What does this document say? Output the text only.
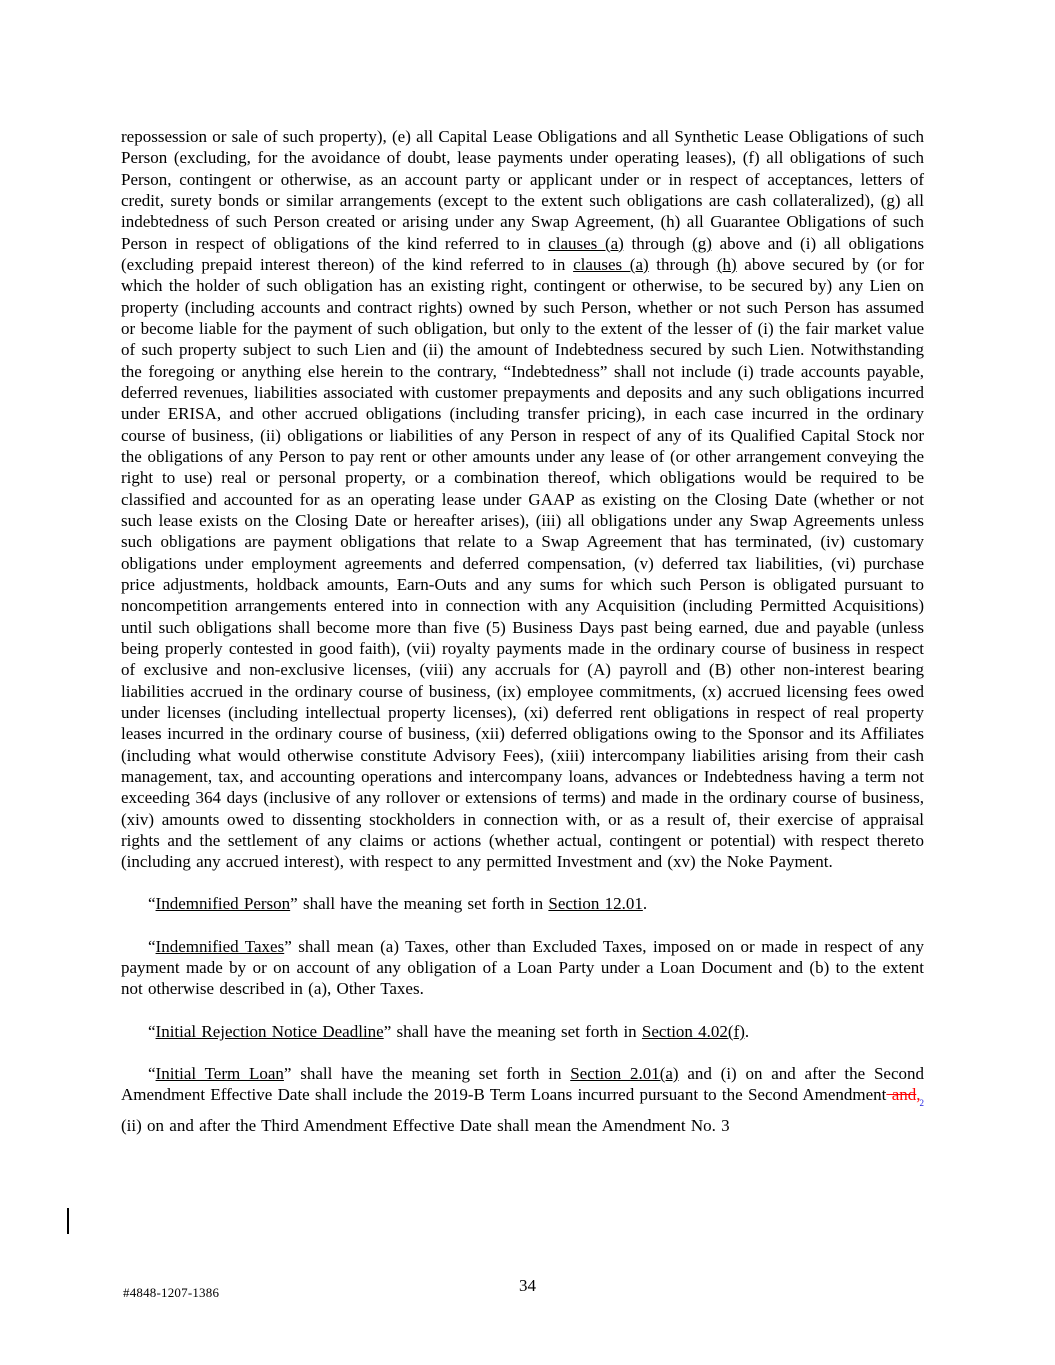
repossession or sale of such property), (e) all Capital Lease Obligations and all Synthetic Lease Obligations of such Person (excluding, for the avoidance of doubt, lease payments under operating leases), (f) all obligations of such Person, contingent or otherwise, as an account party or applicant under or in respect of acceptances, letters of credit, surety bonds or similar arrangements (except to the extent such obligations are cash collateralized), (g) all indebtedness of such Person created or arising under any Swap Agreement, (h) all Guarantee Obligations of such Person in respect of obligations of the kind referred to in clauses (a) through (g) above and (i) all obligations (excluding prepaid interest thereon) of the kind referred to in clauses (a) through (h) above secured by (or for which the holder of such obligation has an existing right, contingent or otherwise, to be secured by) any Lien on property (including accounts and contract rights) owned by such Person, whether or not such Person has assumed or become liable for the payment of such obligation, but only to the extent of the lesser of (i) the fair market value of such property subject to such Lien and (ii) the amount of Indebtedness secured by such Lien. Notwithstanding the foregoing or anything else herein to the contrary, “Indebtedness” shall not include (i) trade accounts payable, deferred revenues, liabilities associated with customer prepayments and deposits and any such obligations incurred under ERISA, and other accrued obligations (including transfer pricing), in each case incurred in the ordinary course of business, (ii) obligations or liabilities of any Person in respect of any of its Qualified Capital Stock nor the obligations of any Person to pay rent or other amounts under any lease of (or other arrangement conveying the right to use) real or personal property, or a combination thereof, which obligations would be required to be classified and accounted for as an operating lease under GAAP as existing on the Closing Date (whether or not such lease exists on the Closing Date or hereafter arises), (iii) all obligations under any Swap Agreements unless such obligations are payment obligations that relate to a Swap Agreement that has terminated, (iv) customary obligations under employment agreements and deferred compensation, (v) deferred tax liabilities, (vi) purchase price adjustments, holdback amounts, Earn-Outs and any sums for which such Person is obligated pursuant to noncompetition arrangements entered into in connection with any Acquisition (including Permitted Acquisitions) until such obligations shall become more than five (5) Business Days past being earned, due and payable (unless being properly contested in good faith), (vii) royalty payments made in the ordinary course of business in respect of exclusive and non-exclusive licenses, (viii) any accruals for (A) payroll and (B) other non-interest bearing liabilities accrued in the ordinary course of business, (ix) employee commitments, (x) accrued licensing fees owed under licenses (including intellectual property licenses), (xi) deferred rent obligations in respect of real property leases incurred in the ordinary course of business, (xii) deferred obligations owing to the Sponsor and its Affiliates (including what would otherwise constitute Advisory Fees), (xiii) intercompany liabilities arising from their cash management, tax, and accounting operations and intercompany loans, advances or Indebtedness having a term not exceeding 364 days (inclusive of any rollover or extensions of terms) and made in the ordinary course of business, (xiv) amounts owed to dissenting stockholders in connection with, or as a result of, their exercise of appraisal rights and the settlement of any claims or actions (whether actual, contingent or potential) with respect thereto (including any accrued interest), with respect to any permitted Investment and (xv) the Noke Payment.

“Indemnified Person” shall have the meaning set forth in Section 12.01.

“Indemnified Taxes” shall mean (a) Taxes, other than Excluded Taxes, imposed on or made in respect of any payment made by or on account of any obligation of a Loan Party under a Loan Document and (b) to the extent not otherwise described in (a), Other Taxes.

“Initial Rejection Notice Deadline” shall have the meaning set forth in Section 4.02(f).

“Initial Term Loan” shall have the meaning set forth in Section 2.01(a) and (i) on and after the Second Amendment Effective Date shall include the 2019-B Term Loans incurred pursuant to the Second Amendment $and,_2$ (ii) on and after the Third Amendment Effective Date shall mean the Amendment No. 3

#4848-1207-1386	34
